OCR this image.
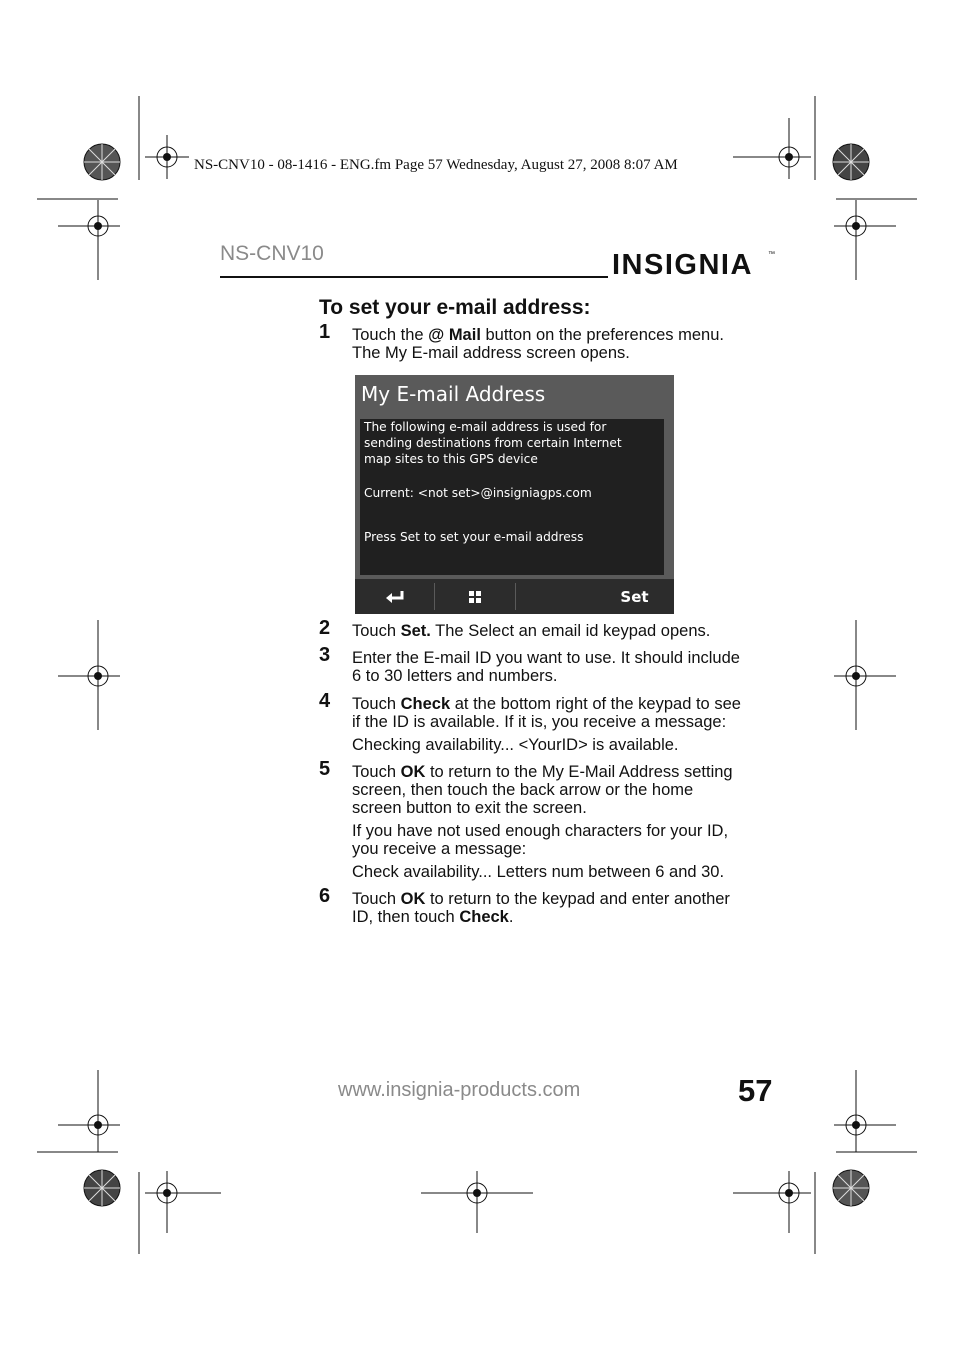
NS-CNV10 - 08-1416 - ENG.fm Page 57 Wednesday, August 27, 2008 8:07 AM
NS-CNV10	INSIGNIA ™
To set your e-mail address:
1 Touch the @ Mail button on the preferences menu.
The My E-mail address screen opens.
My E-mail Address
The following e-mail address is used for
sending destinations from certain Internet
map sites to this GPS device
Current: <not set>@insigniagps.com
Press Set to set your e-mail address
Set
2 Touch Set. The Select an email id keypad opens.
3 Enter the E-mail ID you want to use. It should include
6 to 30 letters and numbers.
4 Touch Check at the bottom right of the keypad to see
if the ID is available. If it is, you receive a message:
Checking availability... <YourID> is available.
5 Touch OK to return to the My E-Mail Address setting
screen, then touch the back arrow or the home
screen button to exit the screen.
If you have not used enough characters for your ID,
you receive a message:
Check availability... Letters num between 6 and 30.
6 Touch OK to return to the keypad and enter another
ID, then touch Check.
www.insignia-products.com	57
